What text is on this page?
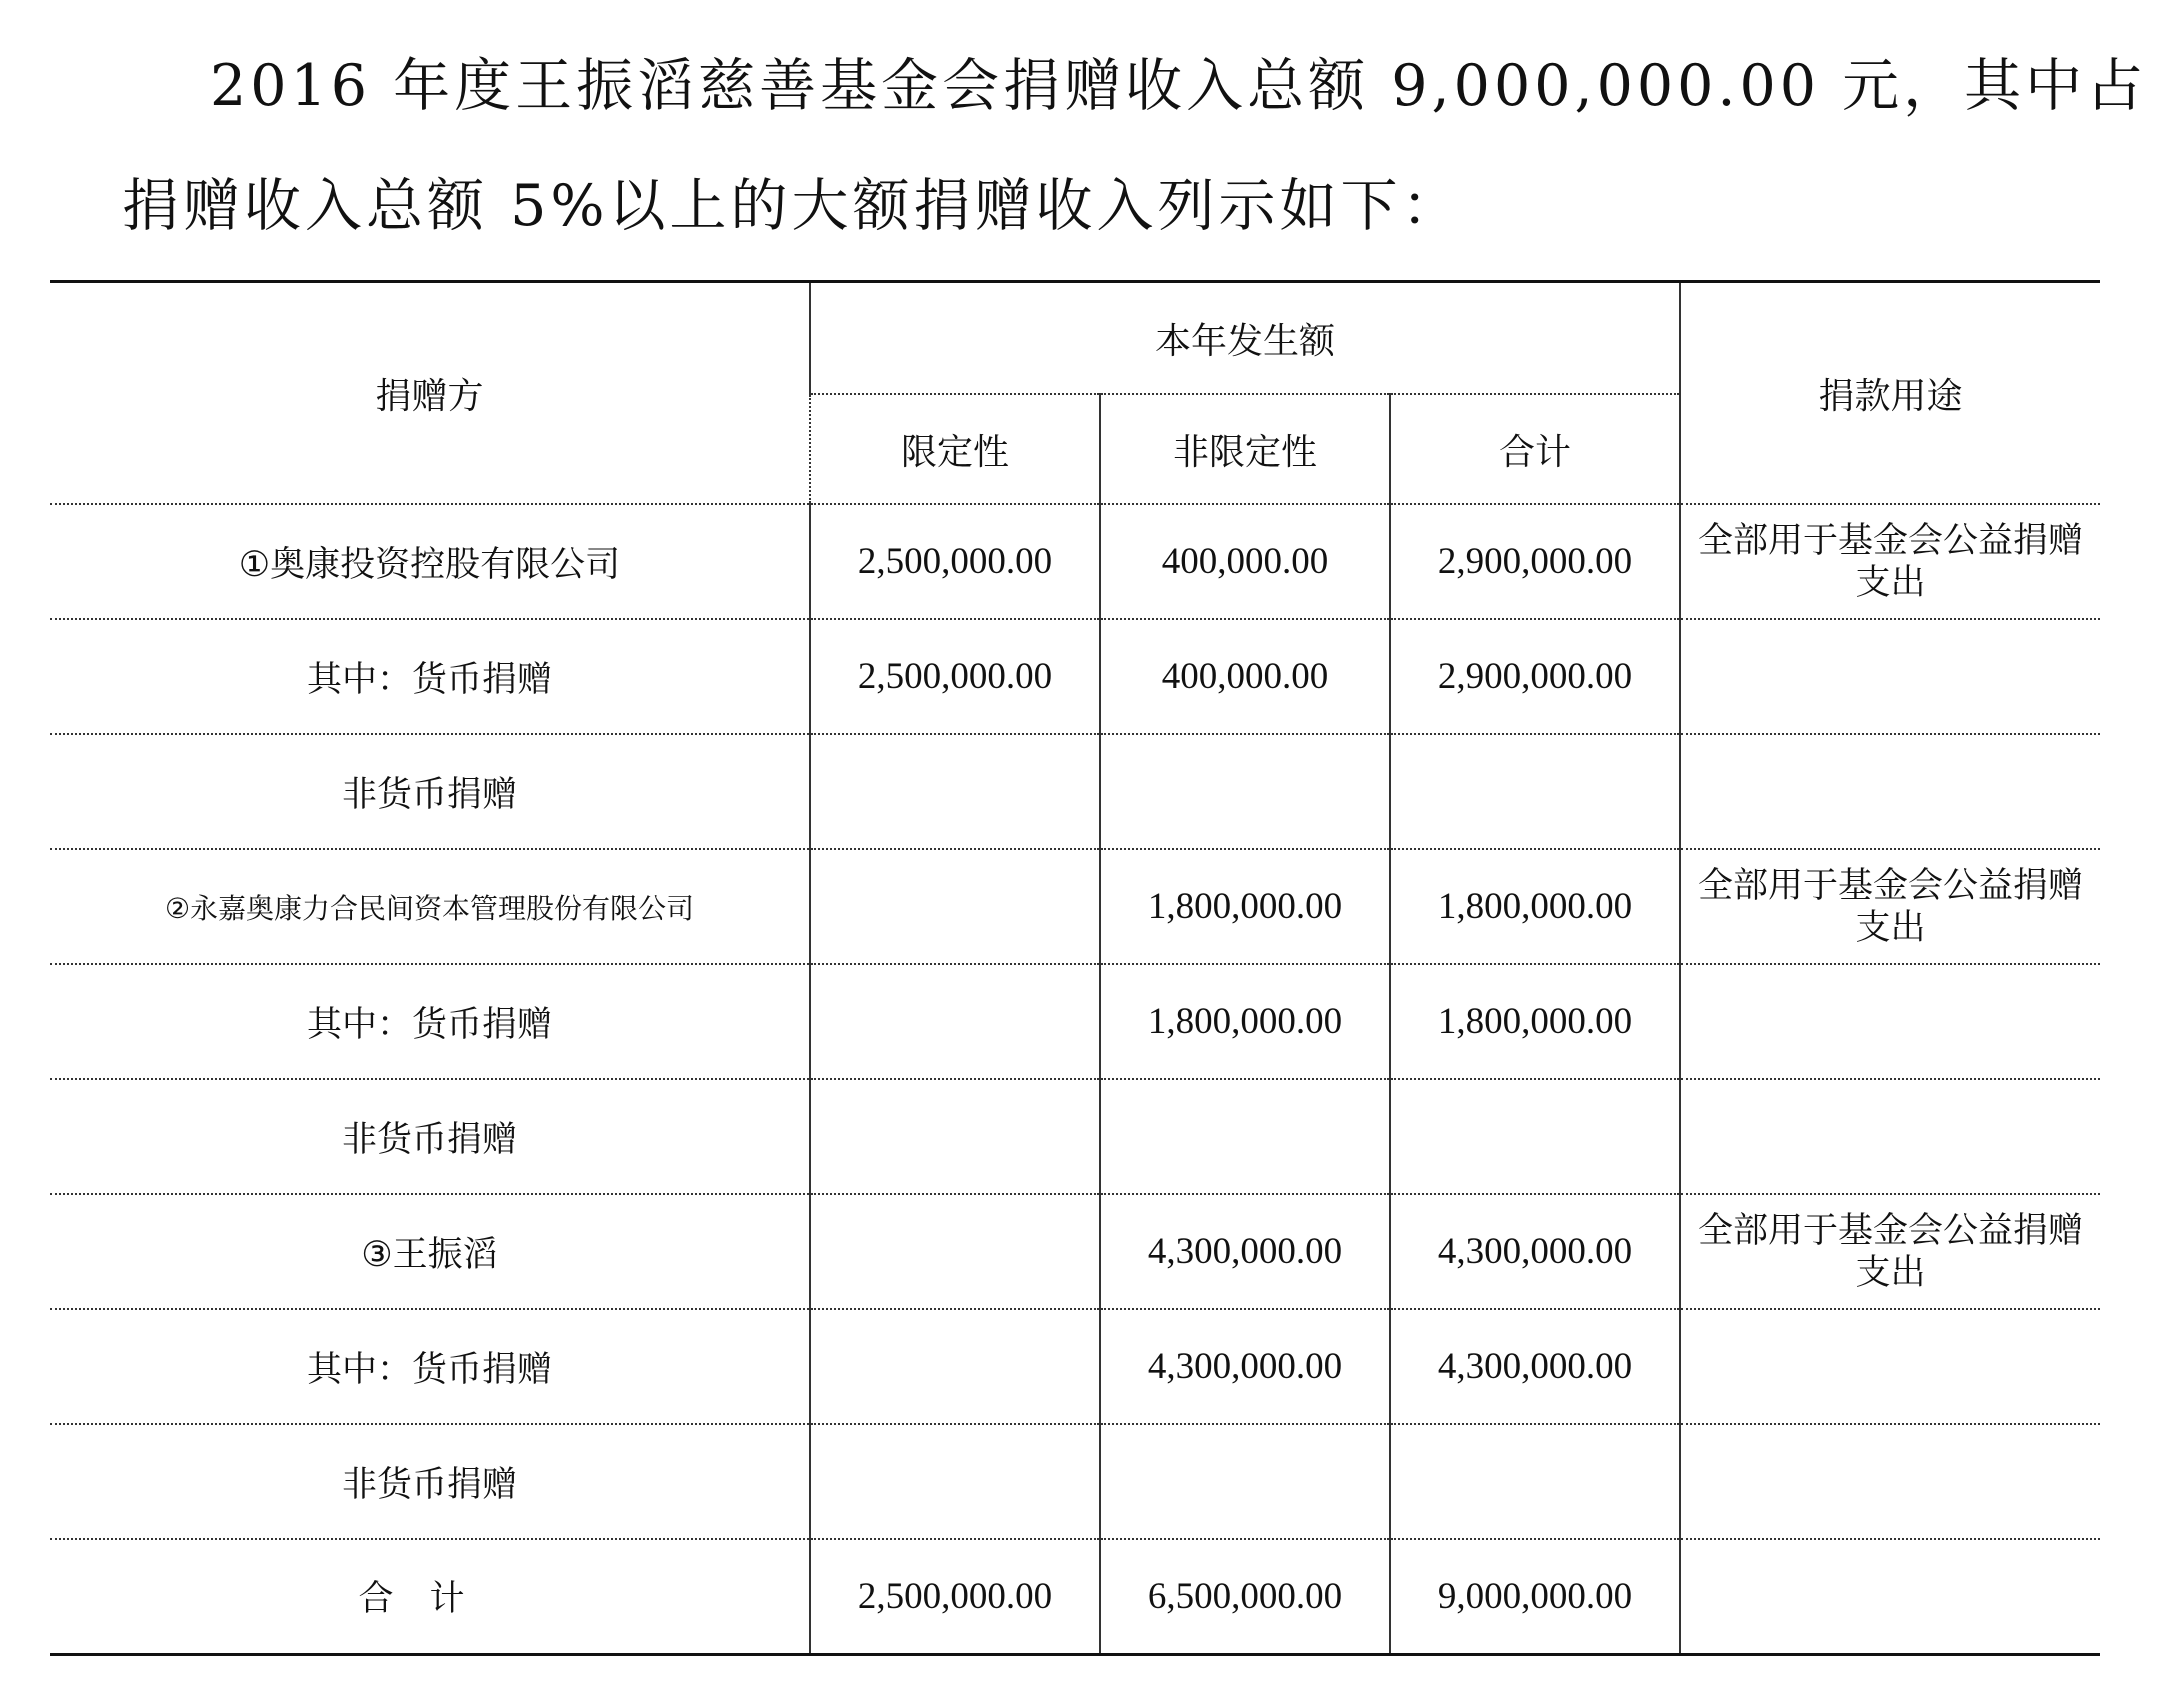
2016 年度王振滔慈善基金会捐赠收入总额 9,000,000.00 元，其中占
捐赠收入总额 5%以上的大额捐赠收入列示如下：
捐赠方	本年发生额			捐款用途
	限定性	非限定性	合计	
①奥康投资控股有限公司	2,500,000.00	400,000.00	2,900,000.00	全部用于基金会公益捐赠支出
其中：货币捐赠	2,500,000.00	400,000.00	2,900,000.00	
非货币捐赠				
②永嘉奥康力合民间资本管理股份有限公司		1,800,000.00	1,800,000.00	全部用于基金会公益捐赠支出
其中：货币捐赠		1,800,000.00	1,800,000.00	
非货币捐赠				
③王振滔		4,300,000.00	4,300,000.00	全部用于基金会公益捐赠支出
其中：货币捐赠		4,300,000.00	4,300,000.00	
非货币捐赠				
合计	2,500,000.00	6,500,000.00	9,000,000.00	
